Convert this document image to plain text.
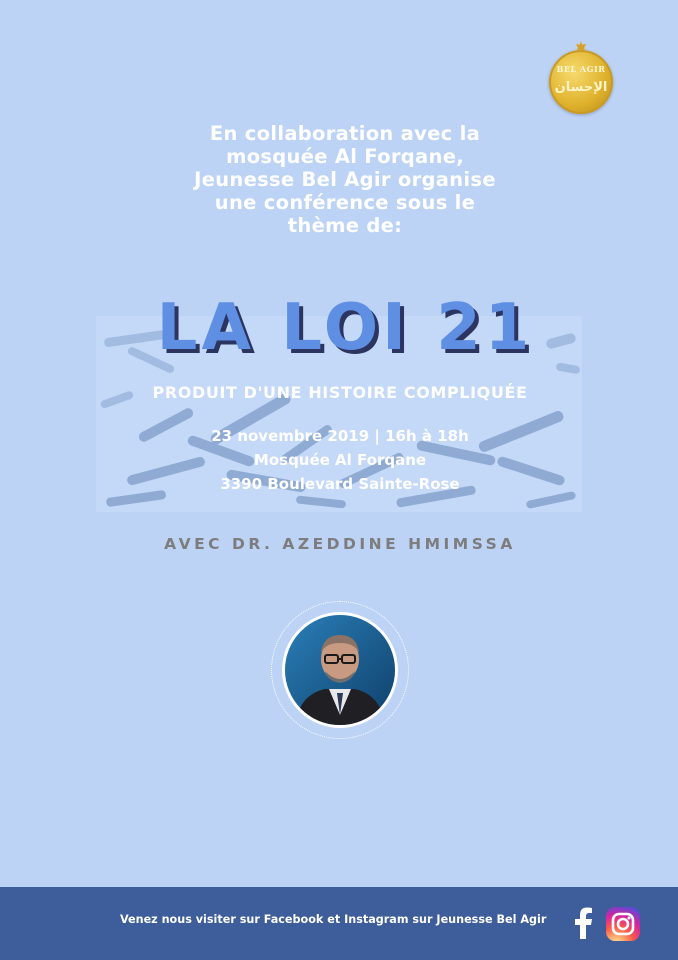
BEL AGIR
الإحسان
En collaboration avec la
mosquée Al Forqane,
Jeunesse Bel Agir organise
une conférence sous le
thème de:
LA LOI 21
PRODUIT D'UNE HISTOIRE COMPLIQUÉE
23 novembre 2019 | 16h à 18h
Mosquée Al Forqane
3390 Boulevard Sainte-Rose
AVEC DR. AZEDDINE HMIMSSA
Venez nous visiter sur Facebook et Instagram sur Jeunesse Bel Agir
